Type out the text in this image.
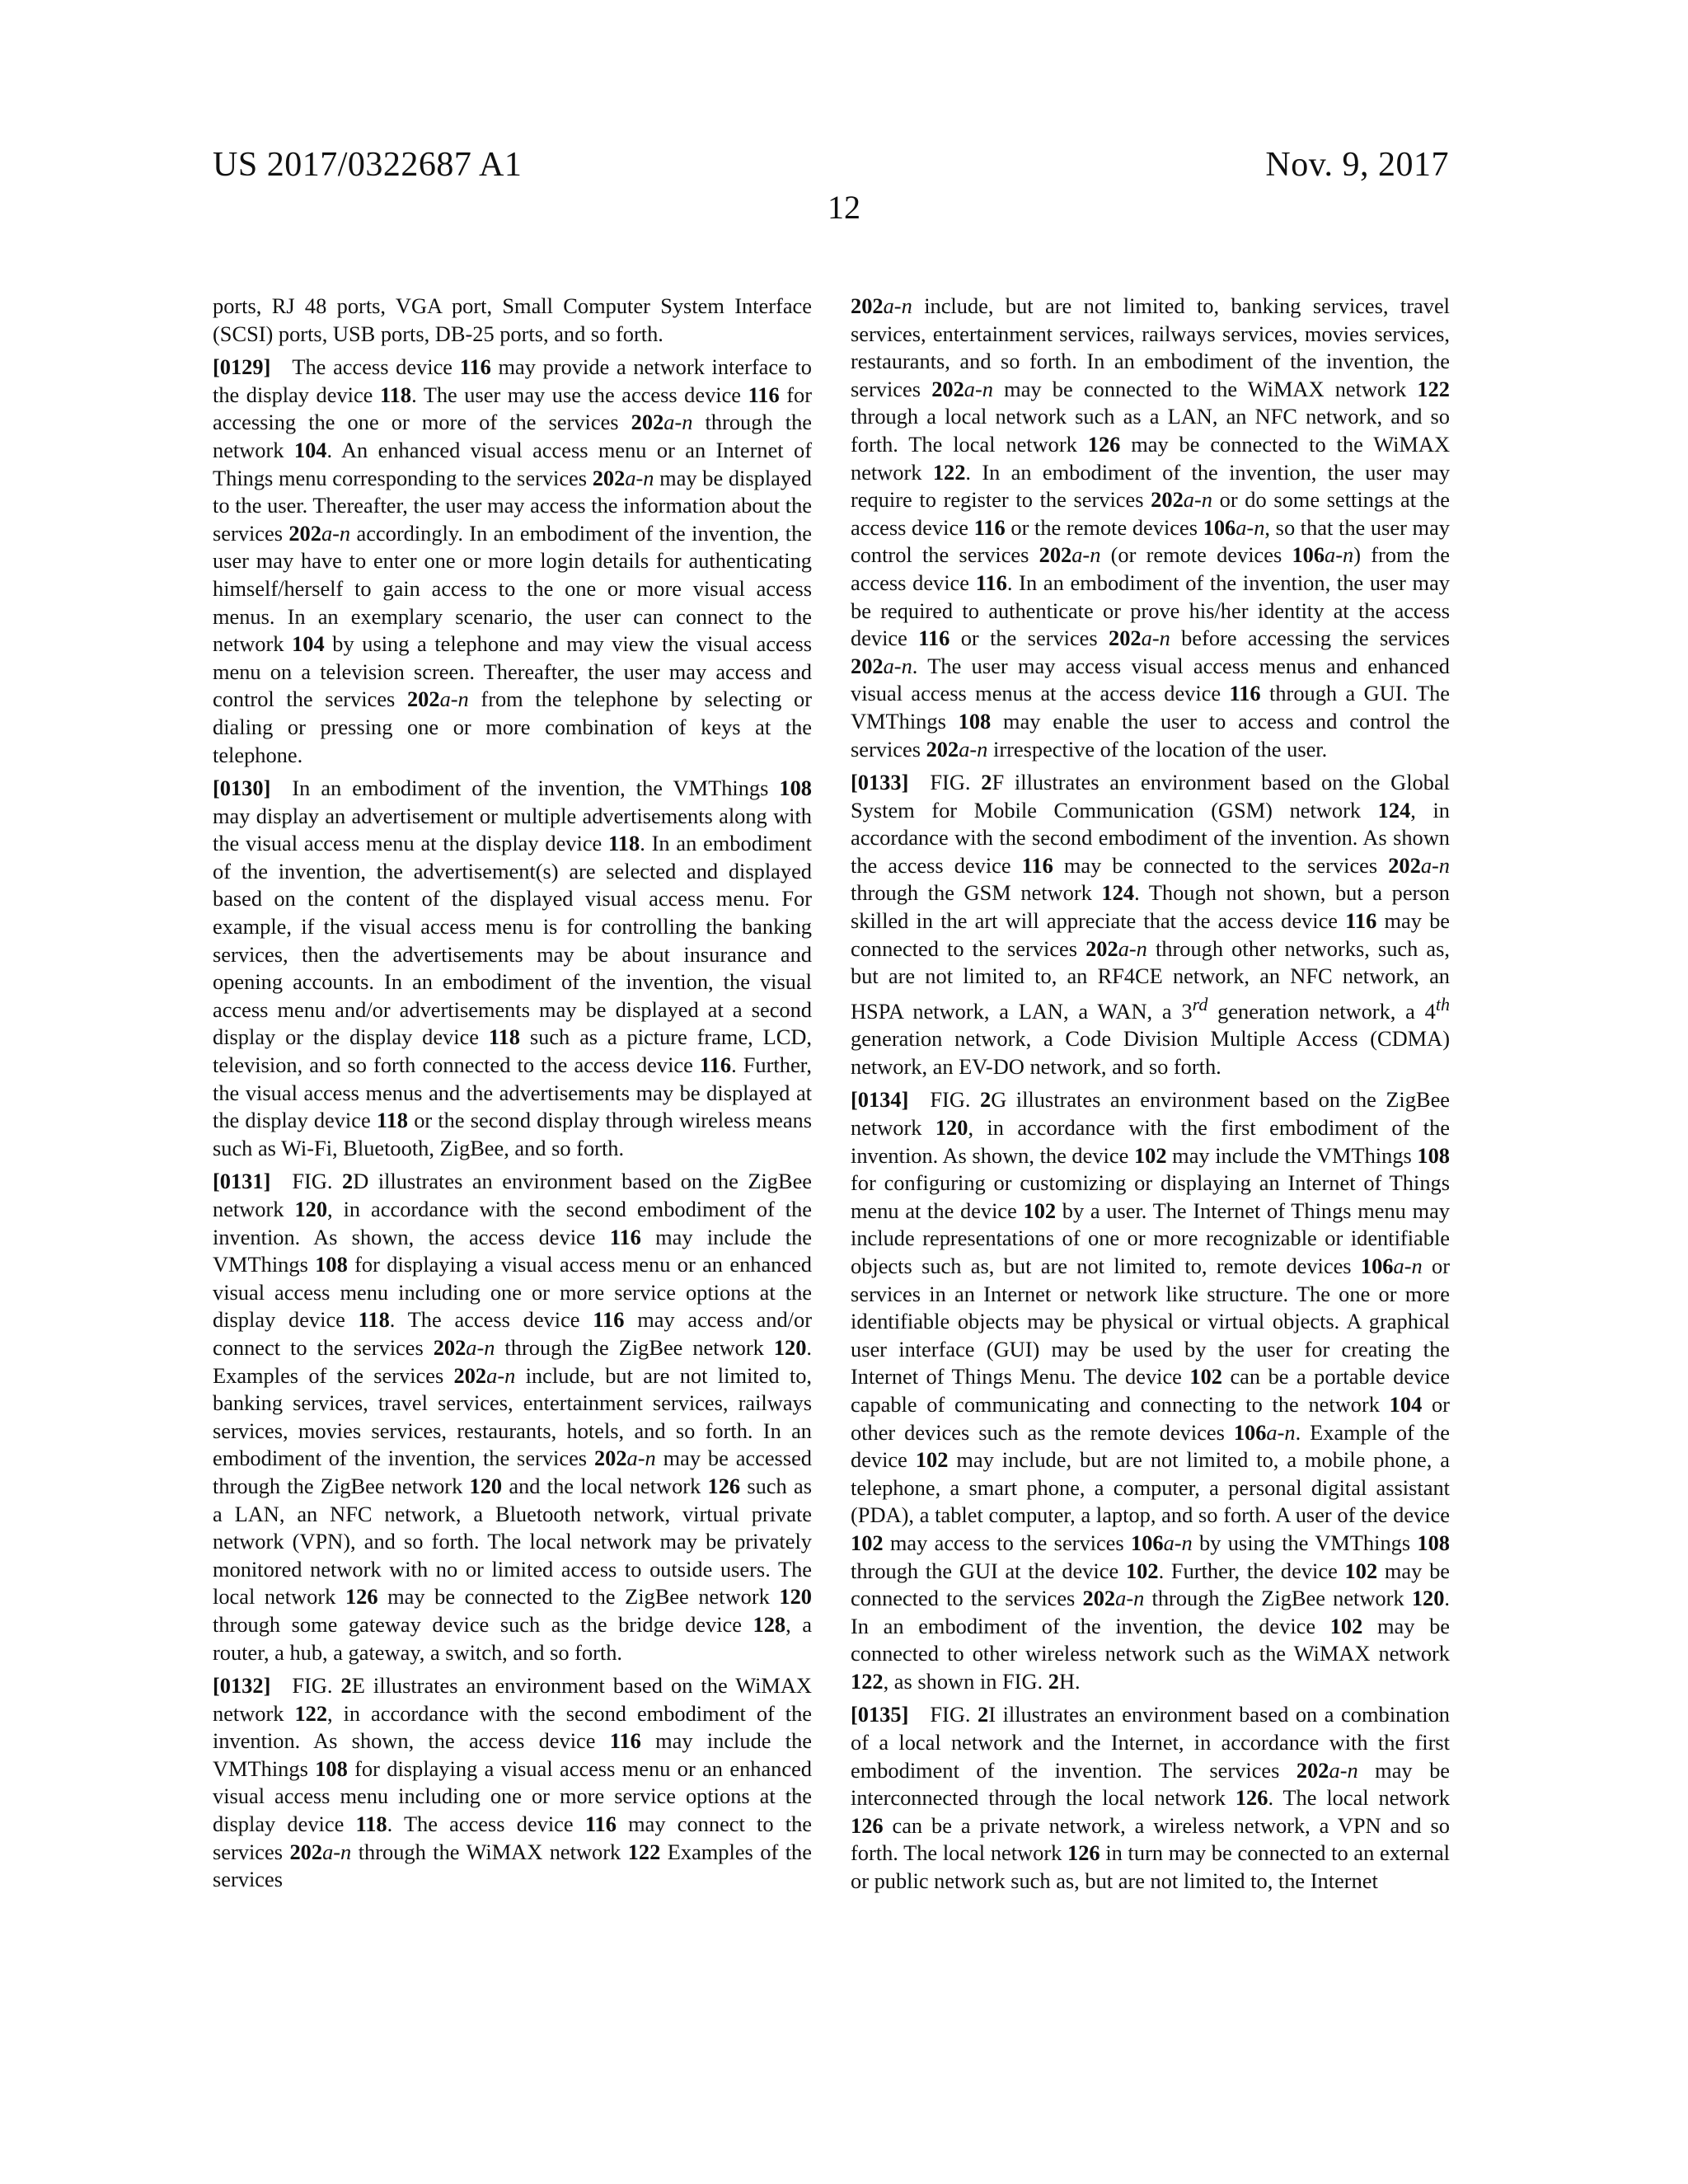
US 2017/0322687 A1	Nov. 9, 2017
12

ports, RJ 48 ports, VGA port, Small Computer System Interface (SCSI) ports, USB ports, DB-25 ports, and so forth.

[0129] The access device 116 may provide a network interface to the display device 118. The user may use the access device 116 for accessing the one or more of the services 202a-n through the network 104. An enhanced visual access menu or an Internet of Things menu corresponding to the services 202a-n may be displayed to the user. Thereafter, the user may access the information about the services 202a-n accordingly. In an embodiment of the invention, the user may have to enter one or more login details for authenticating himself/herself to gain access to the one or more visual access menus. In an exemplary scenario, the user can connect to the network 104 by using a telephone and may view the visual access menu on a television screen. Thereafter, the user may access and control the services 202a-n from the telephone by selecting or dialing or pressing one or more combination of keys at the telephone.

[0130] In an embodiment of the invention, the VMThings 108 may display an advertisement or multiple advertisements along with the visual access menu at the display device 118. In an embodiment of the invention, the advertisement(s) are selected and displayed based on the content of the displayed visual access menu. For example, if the visual access menu is for controlling the banking services, then the advertisements may be about insurance and opening accounts. In an embodiment of the invention, the visual access menu and/or advertisements may be displayed at a second display or the display device 118 such as a picture frame, LCD, television, and so forth connected to the access device 116. Further, the visual access menus and the advertisements may be displayed at the display device 118 or the second display through wireless means such as Wi-Fi, Bluetooth, ZigBee, and so forth.

[0131] FIG. 2D illustrates an environment based on the ZigBee network 120, in accordance with the second embodiment of the invention. As shown, the access device 116 may include the VMThings 108 for displaying a visual access menu or an enhanced visual access menu including one or more service options at the display device 118. The access device 116 may access and/or connect to the services 202a-n through the ZigBee network 120. Examples of the services 202a-n include, but are not limited to, banking services, travel services, entertainment services, railways services, movies services, restaurants, hotels, and so forth. In an embodiment of the invention, the services 202a-n may be accessed through the ZigBee network 120 and the local network 126 such as a LAN, an NFC network, a Bluetooth network, virtual private network (VPN), and so forth. The local network may be privately monitored network with no or limited access to outside users. The local network 126 may be connected to the ZigBee network 120 through some gateway device such as the bridge device 128, a router, a hub, a gateway, a switch, and so forth.

[0132] FIG. 2E illustrates an environment based on the WiMAX network 122, in accordance with the second embodiment of the invention. As shown, the access device 116 may include the VMThings 108 for displaying a visual access menu or an enhanced visual access menu including one or more service options at the display device 118. The access device 116 may connect to the services 202a-n through the WiMAX network 122 Examples of the services

202a-n include, but are not limited to, banking services, travel services, entertainment services, railways services, movies services, restaurants, and so forth. In an embodiment of the invention, the services 202a-n may be connected to the WiMAX network 122 through a local network such as a LAN, an NFC network, and so forth. The local network 126 may be connected to the WiMAX network 122. In an embodiment of the invention, the user may require to register to the services 202a-n or do some settings at the access device 116 or the remote devices 106a-n, so that the user may control the services 202a-n (or remote devices 106a-n) from the access device 116. In an embodiment of the invention, the user may be required to authenticate or prove his/her identity at the access device 116 or the services 202a-n before accessing the services 202a-n. The user may access visual access menus and enhanced visual access menus at the access device 116 through a GUI. The VMThings 108 may enable the user to access and control the services 202a-n irrespective of the location of the user.

[0133] FIG. 2F illustrates an environment based on the Global System for Mobile Communication (GSM) network 124, in accordance with the second embodiment of the invention. As shown the access device 116 may be connected to the services 202a-n through the GSM network 124. Though not shown, but a person skilled in the art will appreciate that the access device 116 may be connected to the services 202a-n through other networks, such as, but are not limited to, an RF4CE network, an NFC network, an HSPA network, a LAN, a WAN, a 3rd generation network, a 4th generation network, a Code Division Multiple Access (CDMA) network, an EV-DO network, and so forth.

[0134] FIG. 2G illustrates an environment based on the ZigBee network 120, in accordance with the first embodiment of the invention. As shown, the device 102 may include the VMThings 108 for configuring or customizing or displaying an Internet of Things menu at the device 102 by a user. The Internet of Things menu may include representations of one or more recognizable or identifiable objects such as, but are not limited to, remote devices 106a-n or services in an Internet or network like structure. The one or more identifiable objects may be physical or virtual objects. A graphical user interface (GUI) may be used by the user for creating the Internet of Things Menu. The device 102 can be a portable device capable of communicating and connecting to the network 104 or other devices such as the remote devices 106a-n. Example of the device 102 may include, but are not limited to, a mobile phone, a telephone, a smart phone, a computer, a personal digital assistant (PDA), a tablet computer, a laptop, and so forth. A user of the device 102 may access to the services 106a-n by using the VMThings 108 through the GUI at the device 102. Further, the device 102 may be connected to the services 202a-n through the ZigBee network 120. In an embodiment of the invention, the device 102 may be connected to other wireless network such as the WiMAX network 122, as shown in FIG. 2H.

[0135] FIG. 2I illustrates an environment based on a combination of a local network and the Internet, in accordance with the first embodiment of the invention. The services 202a-n may be interconnected through the local network 126. The local network 126 can be a private network, a wireless network, a VPN and so forth. The local network 126 in turn may be connected to an external or public network such as, but are not limited to, the Internet
